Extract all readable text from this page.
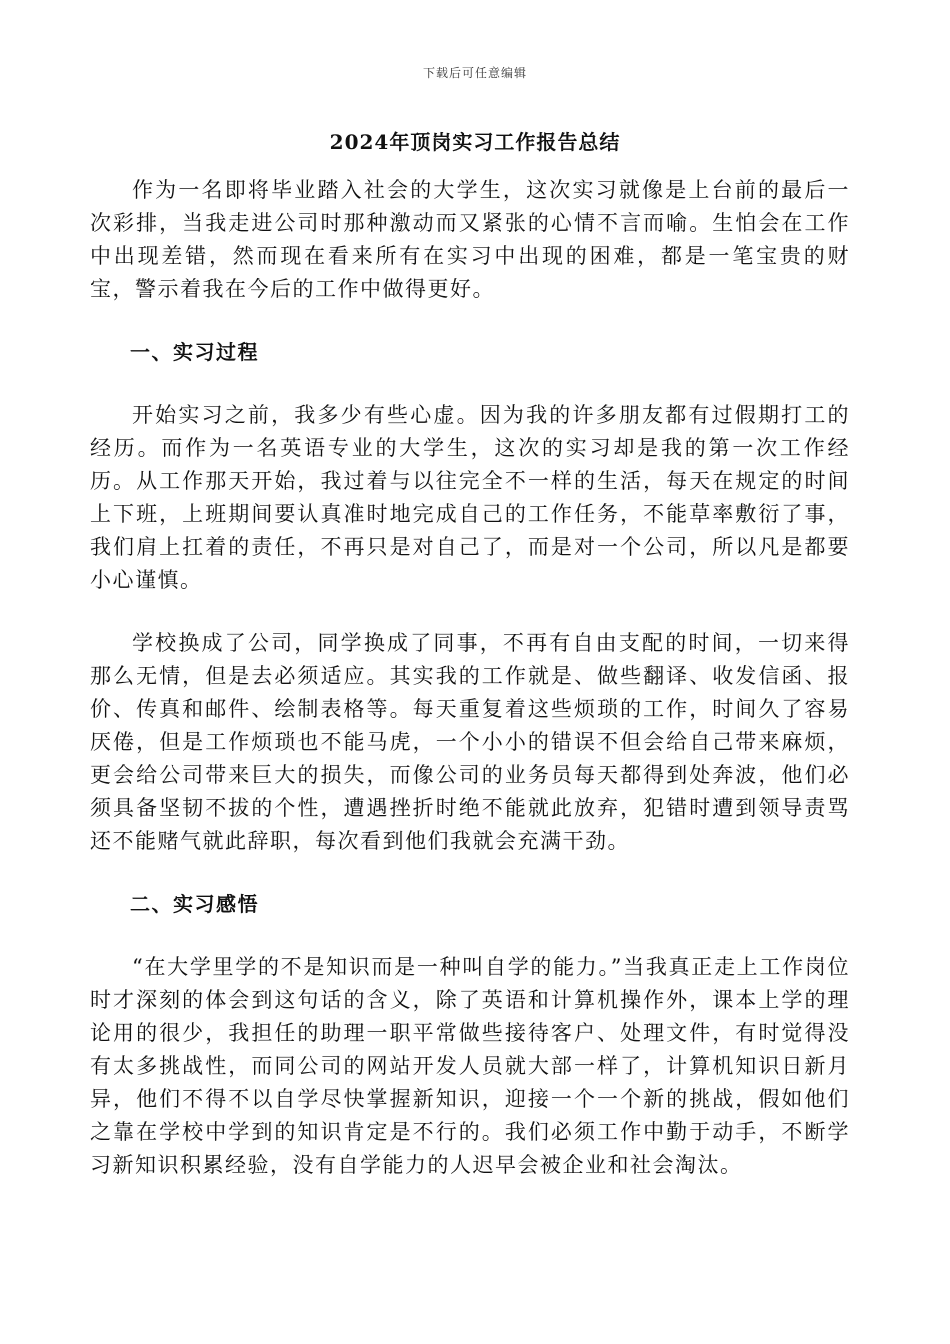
下载后可任意编辑
2024年顶岗实习工作报告总结

作为一名即将毕业踏入社会的大学生，这次实习就像是上台前的最后一次彩排，当我走进公司时那种激动而又紧张的心情不言而喻。生怕会在工作中出现差错，然而现在看来所有在实习中出现的困难，都是一笔宝贵的财宝，警示着我在今后的工作中做得更好。

一、实习过程

开始实习之前，我多少有些心虚。因为我的许多朋友都有过假期打工的经历。而作为一名英语专业的大学生，这次的实习却是我的第一次工作经历。从工作那天开始，我过着与以往完全不一样的生活，每天在规定的时间上下班，上班期间要认真准时地完成自己的工作任务，不能草率敷衍了事，我们肩上扛着的责任，不再只是对自己了，而是对一个公司，所以凡是都要小心谨慎。

学校换成了公司，同学换成了同事，不再有自由支配的时间，一切来得那么无情，但是去必须适应。其实我的工作就是、做些翻译、收发信函、报价、传真和邮件、绘制表格等。每天重复着这些烦琐的工作，时间久了容易厌倦，但是工作烦琐也不能马虎，一个小小的错误不但会给自己带来麻烦，更会给公司带来巨大的损失，而像公司的业务员每天都得到处奔波，他们必须具备坚韧不拔的个性，遭遇挫折时绝不能就此放弃，犯错时遭到领导责骂还不能赌气就此辞职，每次看到他们我就会充满干劲。

二、实习感悟

“在大学里学的不是知识而是一种叫自学的能力。”当我真正走上工作岗位时才深刻的体会到这句话的含义，除了英语和计算机操作外，课本上学的理论用的很少，我担任的助理一职平常做些接待客户、处理文件，有时觉得没有太多挑战性，而同公司的网站开发人员就大部一样了，计算机知识日新月异，他们不得不以自学尽快掌握新知识，迎接一个一个新的挑战，假如他们之靠在学校中学到的知识肯定是不行的。我们必须工作中勤于动手，不断学习新知识积累经验，没有自学能力的人迟早会被企业和社会淘汰。
